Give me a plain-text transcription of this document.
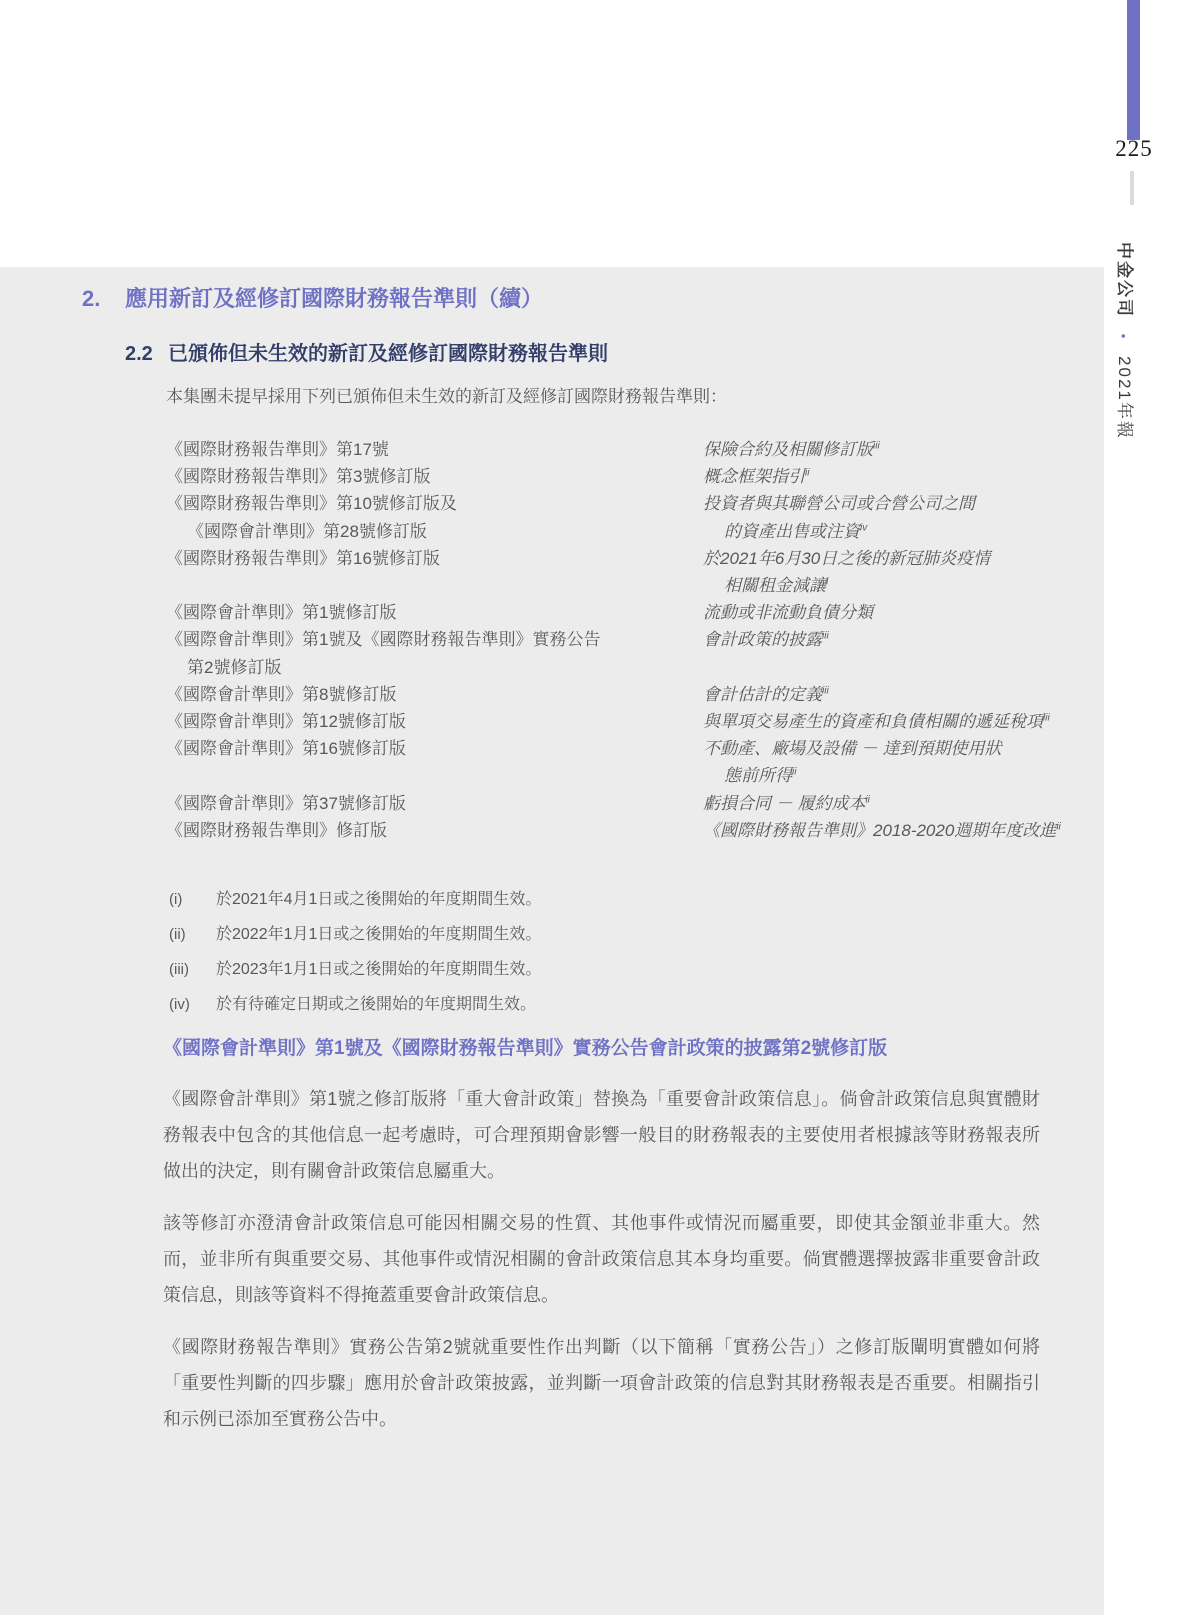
225
中金公司 • 2021年報
2. 應用新訂及經修訂國際財務報告準則（續）
2.2 已頒佈但未生效的新訂及經修訂國際財務報告準則

本集團未提早採用下列已頒佈但未生效的新訂及經修訂國際財務報告準則：

《國際財務報告準則》第17號	保險合約及相關修訂版$^{iii}$
《國際財務報告準則》第3號修訂版	概念框架指引$^{ii}$
《國際財務報告準則》第10號修訂版及	投資者與其聯營公司或合營公司之間
《國際會計準則》第28號修訂版	的資產出售或注資$^{iv}$
《國際財務報告準則》第16號修訂版	於2021年6月30日之後的新冠肺炎疫情
相關租金減讓$^i$
《國際會計準則》第1號修訂版	流動或非流動負債分類
《國際會計準則》第1號及《國際財務報告準則》實務公告	會計政策的披露$^{iii}$
第2號修訂版
《國際會計準則》第8號修訂版	會計估計的定義$^{iii}$
《國際會計準則》第12號修訂版	與單項交易產生的資產和負債相關的遞延稅項$^{iii}$
《國際會計準則》第16號修訂版	不動產、廠場及設備 － 達到預期使用狀
態前所得$^{ii}$
《國際會計準則》第37號修訂版	虧損合同 － 履約成本$^{ii}$
《國際財務報告準則》修訂版	《國際財務報告準則》2018-2020週期年度改進$^{ii}$
(i)	於2021年4月1日或之後開始的年度期間生效。
(ii)	於2022年1月1日或之後開始的年度期間生效。
(iii)	於2023年1月1日或之後開始的年度期間生效。
(iv)	於有待確定日期或之後開始的年度期間生效。
《國際會計準則》第1號及《國際財務報告準則》實務公告會計政策的披露第2號修訂版

《國際會計準則》第1號之修訂版將「重大會計政策」替換為「重要會計政策信息」。倘會計政策信息與實體財務報表中包含的其他信息一起考慮時，可合理預期會影響一般目的財務報表的主要使用者根據該等財務報表所做出的決定，則有關會計政策信息屬重大。

該等修訂亦澄清會計政策信息可能因相關交易的性質、其他事件或情況而屬重要，即使其金額並非重大。然而，並非所有與重要交易、其他事件或情況相關的會計政策信息其本身均重要。倘實體選擇披露非重要會計政策信息，則該等資料不得掩蓋重要會計政策信息。

《國際財務報告準則》實務公告第2號就重要性作出判斷（以下簡稱「實務公告」）之修訂版闡明實體如何將「重要性判斷的四步驟」應用於會計政策披露，並判斷一項會計政策的信息對其財務報表是否重要。相關指引和示例已添加至實務公告中。
